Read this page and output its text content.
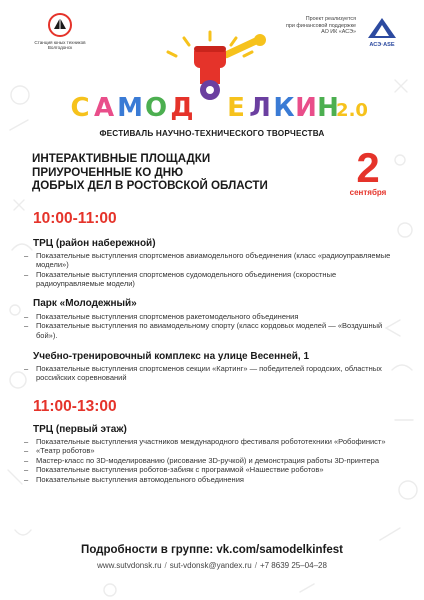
Станция юных техников
Волгодонск
Проект реализуется
при финансовой поддержке
АО ИК «АСЭ»
АСЭ·ASE
С А М О Д Е Л К И Н
2.0
ФЕСТИВАЛЬ НАУЧНО-ТЕХНИЧЕСКОГО ТВОРЧЕСТВА
ИНТЕРАКТИВНЫЕ ПЛОЩАДКИ
ПРИУРОЧЕННЫЕ КО ДНЮ
ДОБРЫХ ДЕЛ В РОСТОВСКОЙ ОБЛАСТИ	2
сентября
10:00-11:00
ТРЦ (район набережной)
– Показательные выступления спортсменов авиамодельного объединения (класс «радиоуправляемые модели»)
– Показательные выступления спортсменов судомодельного объединения (скоростные радиоуправляемые модели)
Парк «Молодежный»
– Показательные выступления спортсменов ракетомодельного объединения
– Показательные выступления по авиамодельному спорту (класс кордовых моделей — «Воздушный бой»).
Учебно-тренировочный комплекс на улице Весенней, 1
– Показательные выступления спортсменов секции «Картинг» — победителей городских, областных российских соревнований
11:00-13:00
ТРЦ (первый этаж)
– Показательные выступления участников международного фестиваля робототехники «Робофинист»
– «Театр роботов»
– Мастер-класс по 3D-моделированию (рисование 3D-ручкой) и демонстрация работы 3D-принтера
– Показательные выступления роботов-забияк с программой «Нашествие роботов»
– Показательные выступления автомодельного объединения
Подробности в группе: vk.com/samodelkinfest
www.sutvdonsk.ru / sut-vdonsk@yandex.ru / +7 8639 25–04–28
